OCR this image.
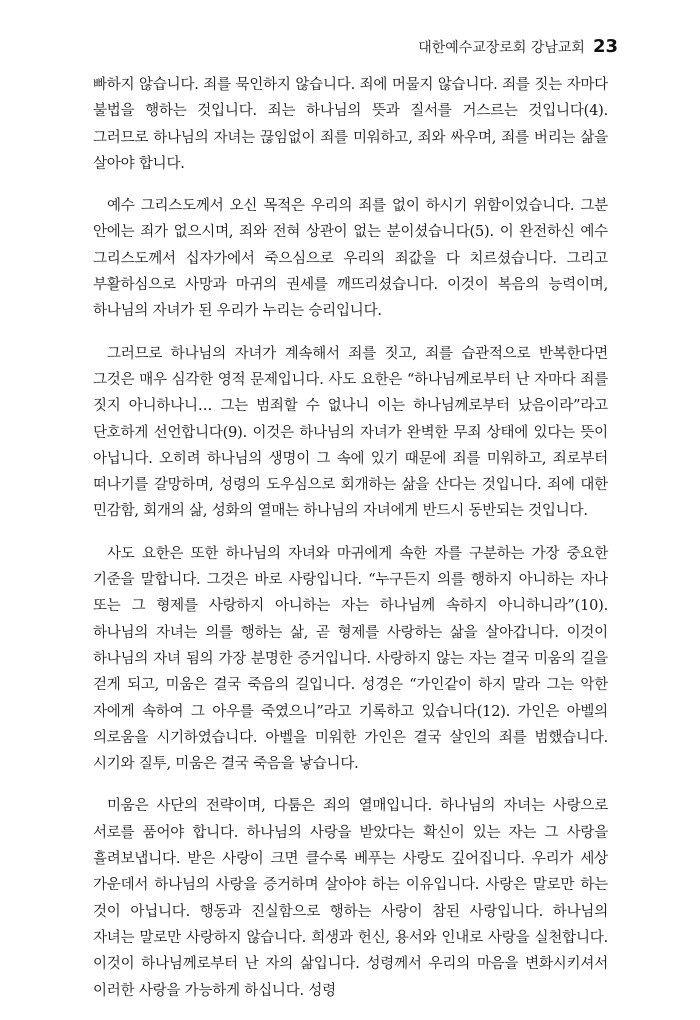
대한예수교장로회 강남교회 23

빠하지 않습니다. 죄를 묵인하지 않습니다. 죄에 머물지 않습니다. 죄를 짓는 자마다 불법을 행하는 것입니다. 죄는 하나님의 뜻과 질서를 거스르는 것입니다(4). 그러므로 하나님의 자녀는 끊임없이 죄를 미워하고, 죄와 싸우며, 죄를 버리는 삶을 살아야 합니다.

예수 그리스도께서 오신 목적은 우리의 죄를 없이 하시기 위함이었습니다. 그분 안에는 죄가 없으시며, 죄와 전혀 상관이 없는 분이셨습니다(5). 이 완전하신 예수 그리스도께서 십자가에서 죽으심으로 우리의 죄값을 다 치르셨습니다. 그리고 부활하심으로 사망과 마귀의 권세를 깨뜨리셨습니다. 이것이 복음의 능력이며, 하나님의 자녀가 된 우리가 누리는 승리입니다.

그러므로 하나님의 자녀가 계속해서 죄를 짓고, 죄를 습관적으로 반복한다면 그것은 매우 심각한 영적 문제입니다. 사도 요한은 “하나님께로부터 난 자마다 죄를 짓지 아니하나니… 그는 범죄할 수 없나니 이는 하나님께로부터 났음이라”라고 단호하게 선언합니다(9). 이것은 하나님의 자녀가 완벽한 무죄 상태에 있다는 뜻이 아닙니다. 오히려 하나님의 생명이 그 속에 있기 때문에 죄를 미워하고, 죄로부터 떠나기를 갈망하며, 성령의 도우심으로 회개하는 삶을 산다는 것입니다. 죄에 대한 민감함, 회개의 삶, 성화의 열매는 하나님의 자녀에게 반드시 동반되는 것입니다.

사도 요한은 또한 하나님의 자녀와 마귀에게 속한 자를 구분하는 가장 중요한 기준을 말합니다. 그것은 바로 사랑입니다. “누구든지 의를 행하지 아니하는 자나 또는 그 형제를 사랑하지 아니하는 자는 하나님께 속하지 아니하니라”(10). 하나님의 자녀는 의를 행하는 삶, 곧 형제를 사랑하는 삶을 살아갑니다. 이것이 하나님의 자녀 됨의 가장 분명한 증거입니다. 사랑하지 않는 자는 결국 미움의 길을 걷게 되고, 미움은 결국 죽음의 길입니다. 성경은 “가인같이 하지 말라 그는 악한 자에게 속하여 그 아우를 죽였으니”라고 기록하고 있습니다(12). 가인은 아벨의 의로움을 시기하였습니다. 아벨을 미워한 가인은 결국 살인의 죄를 범했습니다. 시기와 질투, 미움은 결국 죽음을 낳습니다.

미움은 사단의 전략이며, 다툼은 죄의 열매입니다. 하나님의 자녀는 사랑으로 서로를 품어야 합니다. 하나님의 사랑을 받았다는 확신이 있는 자는 그 사랑을 흘려보냅니다. 받은 사랑이 크면 클수록 베푸는 사랑도 깊어집니다. 우리가 세상 가운데서 하나님의 사랑을 증거하며 살아야 하는 이유입니다. 사랑은 말로만 하는 것이 아닙니다. 행동과 진실함으로 행하는 사랑이 참된 사랑입니다. 하나님의 자녀는 말로만 사랑하지 않습니다. 희생과 헌신, 용서와 인내로 사랑을 실천합니다. 이것이 하나님께로부터 난 자의 삶입니다. 성령께서 우리의 마음을 변화시키셔서 이러한 사랑을 가능하게 하십니다. 성령
